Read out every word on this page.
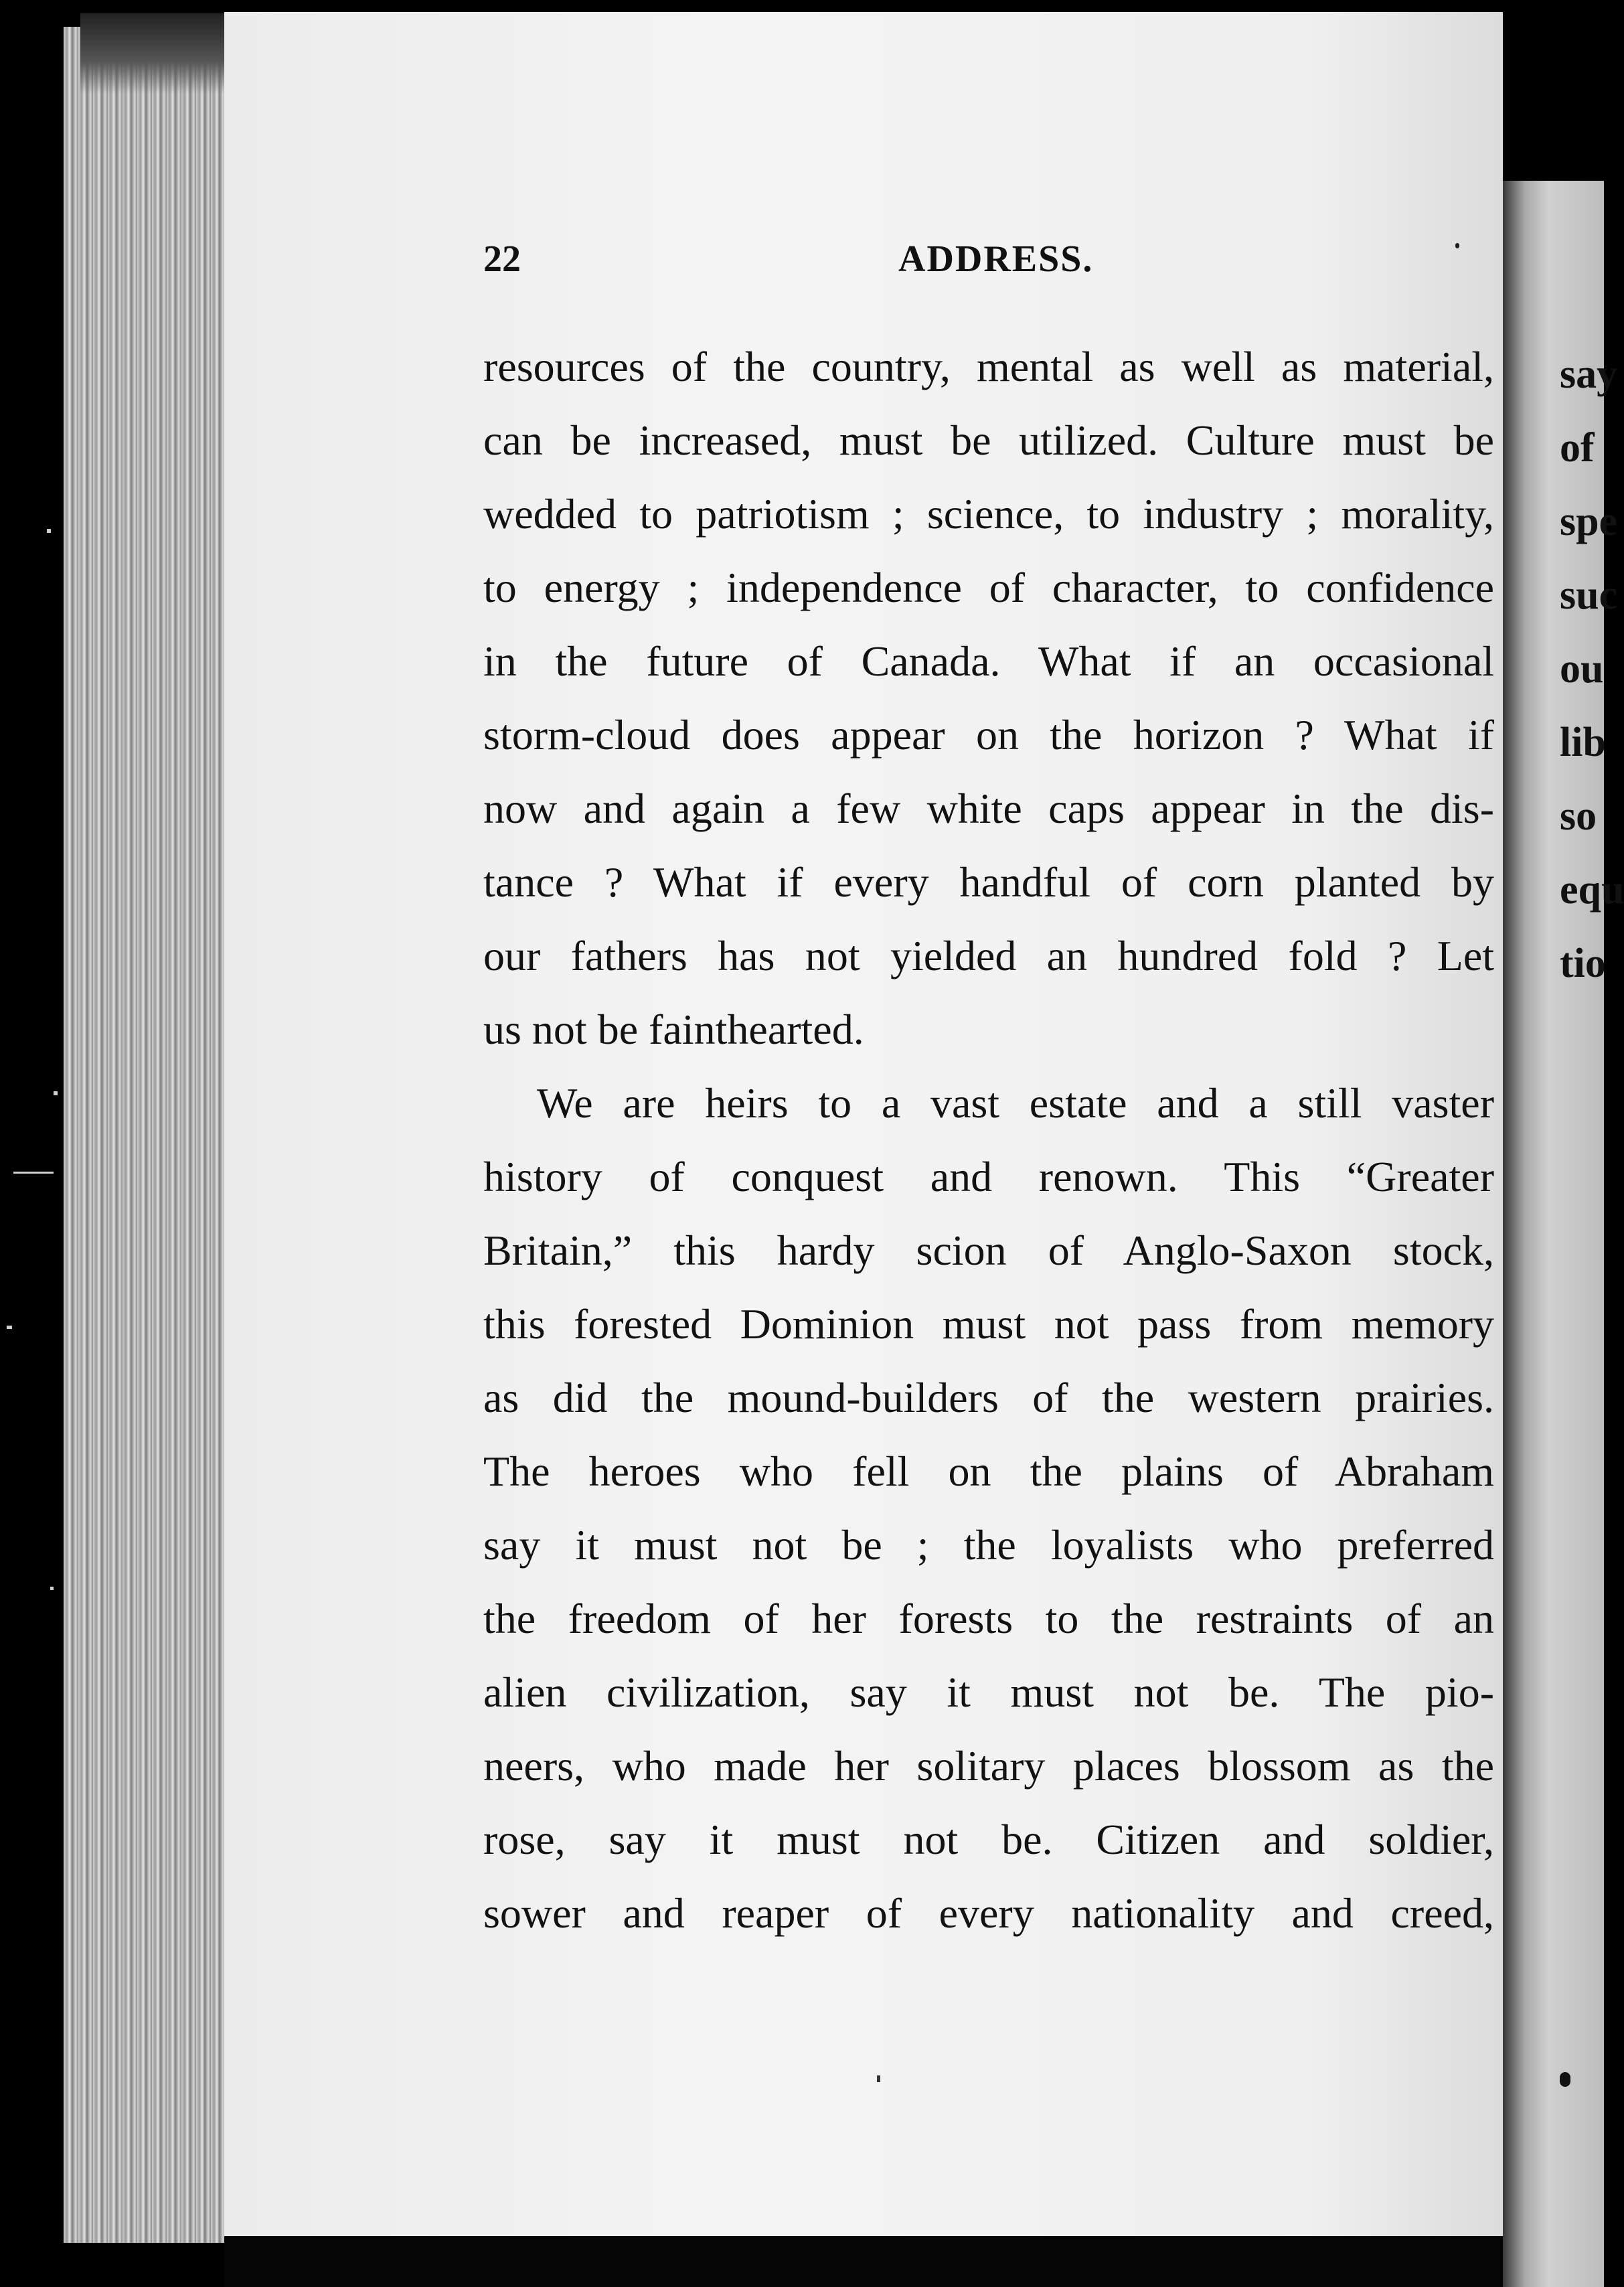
say
of
spe
suc
ou
lib
so
equ
tio
22	ADDRESS.
resources of the country, mental as well as material,
can be increased, must be utilized. Culture must be
wedded to patriotism ; science, to industry ; morality,
to energy ; independence of character, to confidence
in the future of Canada. What if an occasional
storm-cloud does appear on the horizon ? What if
now and again a few white caps appear in the dis-
tance ? What if every handful of corn planted by
our fathers has not yielded an hundred fold ? Let
us not be fainthearted.
We are heirs to a vast estate and a still vaster
history of conquest and renown. This “Greater
Britain,” this hardy scion of Anglo-Saxon stock,
this forested Dominion must not pass from memory
as did the mound-builders of the western prairies.
The heroes who fell on the plains of Abraham
say it must not be ; the loyalists who preferred
the freedom of her forests to the restraints of an
alien civilization, say it must not be. The pio-
neers, who made her solitary places blossom as the
rose, say it must not be. Citizen and soldier,
sower and reaper of every nationality and creed,
